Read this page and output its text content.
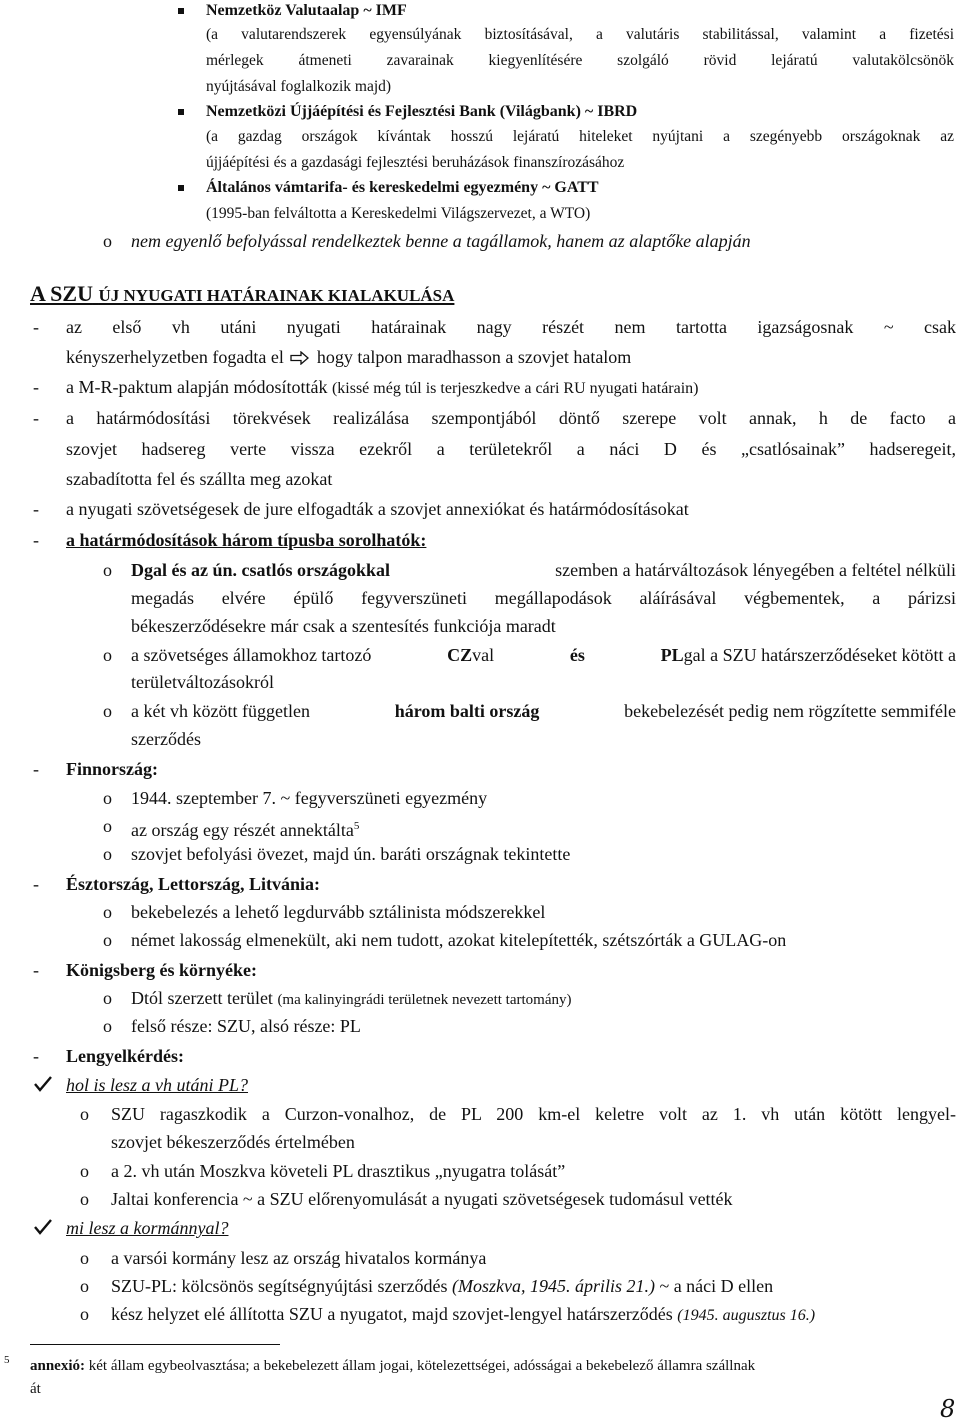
Nemzetköz Valutaalap ~ IMF
(a valutarendszerek egyensúlyának biztosításával, a valutáris stabilitással, valamint a fizetési
mérlegek átmeneti zavarainak kiegyenlítésére szolgáló rövid lejáratú valutakölcsönök
nyújtásával foglalkozik majd)
Nemzetközi Újjáépítési és Fejlesztési Bank (Világbank) ~ IBRD
(a gazdag országok kívántak hosszú lejáratú hiteleket nyújtani a szegényebb országoknak az
újjáépítési és a gazdasági fejlesztési beruházások finanszírozásához
Általános vámtarifa- és kereskedelmi egyezmény ~ GATT
(1995-ban felváltotta a Kereskedelmi Világszervezet, a WTO)
o nem egyenlő befolyással rendelkeztek benne a tagállamok, hanem az alaptőke alapján
A SZU ÚJ NYUGATI HATÁRAINAK KIALAKULÁSA
- az első vh utáni nyugati határainak nagy részét nem tartotta igazságosnak ~ csak
kényszerhelyzetben fogadta el hogy talpon maradhasson a szovjet hatalom
- a M-R-paktum alapján módosították (kissé még túl is terjeszkedve a cári RU nyugati határain)
- a határmódosítási törekvések realizálása szempontjából döntő szerepe volt annak, h de facto a
szovjet hadsereg verte vissza ezekről a területekről a náci D és „csatlósainak” hadseregeit,
szabadította fel és szállta meg azokat
- a nyugati szövetségesek de jure elfogadták a szovjet annexiókat és határmódosításokat
- a határmódosítások három típusba sorolhatók:
o Dgal és az ún. csatlós országokkal	szemben a határváltozások lényegében a feltétel nélküli
megadás elvére épülő fegyverszüneti megállapodások aláírásával végbementek, a párizsi
békeszerződésekre már csak a szentesítés funkciója maradt
o a szövetséges államokhoz tartozó	CZval	és	PLgal a SZU határszerződéseket kötött a
területváltozásokról
o a két vh között független	három balti ország	bekebelezését pedig nem rögzítette semmiféle
szerződés
- Finnország:
o 1944. szeptember 7. ~ fegyverszüneti egyezmény
o az ország egy részét annektálta$^5$
o szovjet befolyási övezet, majd ún. baráti országnak tekintette
- Észtország, Lettország, Litvánia:
o bekebelezés a lehető legdurvább sztálinista módszerekkel
o német lakosság elmenekült, aki nem tudott, azokat kitelepítették, szétszórták a GULAG-on
- Königsberg és környéke:
o Dtól szerzett terület (ma kalinyingrádi területnek nevezett tartomány)
o felső része: SZU, alsó része: PL
- Lengyelkérdés:
hol is lesz a vh utáni PL?
o SZU ragaszkodik a Curzon-vonalhoz, de PL 200 km-el keletre volt az 1. vh után kötött lengyel-
szovjet békeszerződés értelmében
o a 2. vh után Moszkva követeli PL drasztikus „nyugatra tolását”
o Jaltai konferencia ~ a SZU előrenyomulását a nyugati szövetségesek tudomásul vették
mi lesz a kormánnyal?
o a varsói kormány lesz az ország hivatalos kormánya
o SZU-PL: kölcsönös segítségnyújtási szerződés (Moszkva, 1945. április 21.) ~ a náci D ellen
o kész helyzet elé állította SZU a nyugatot, majd szovjet-lengyel határszerződés (1945. augusztus 16.)
5 annexió: két állam egybeolvasztása; a bekebelezett állam jogai, kötelezettségei, adósságai a bekebelező államra szállnak
át
8
